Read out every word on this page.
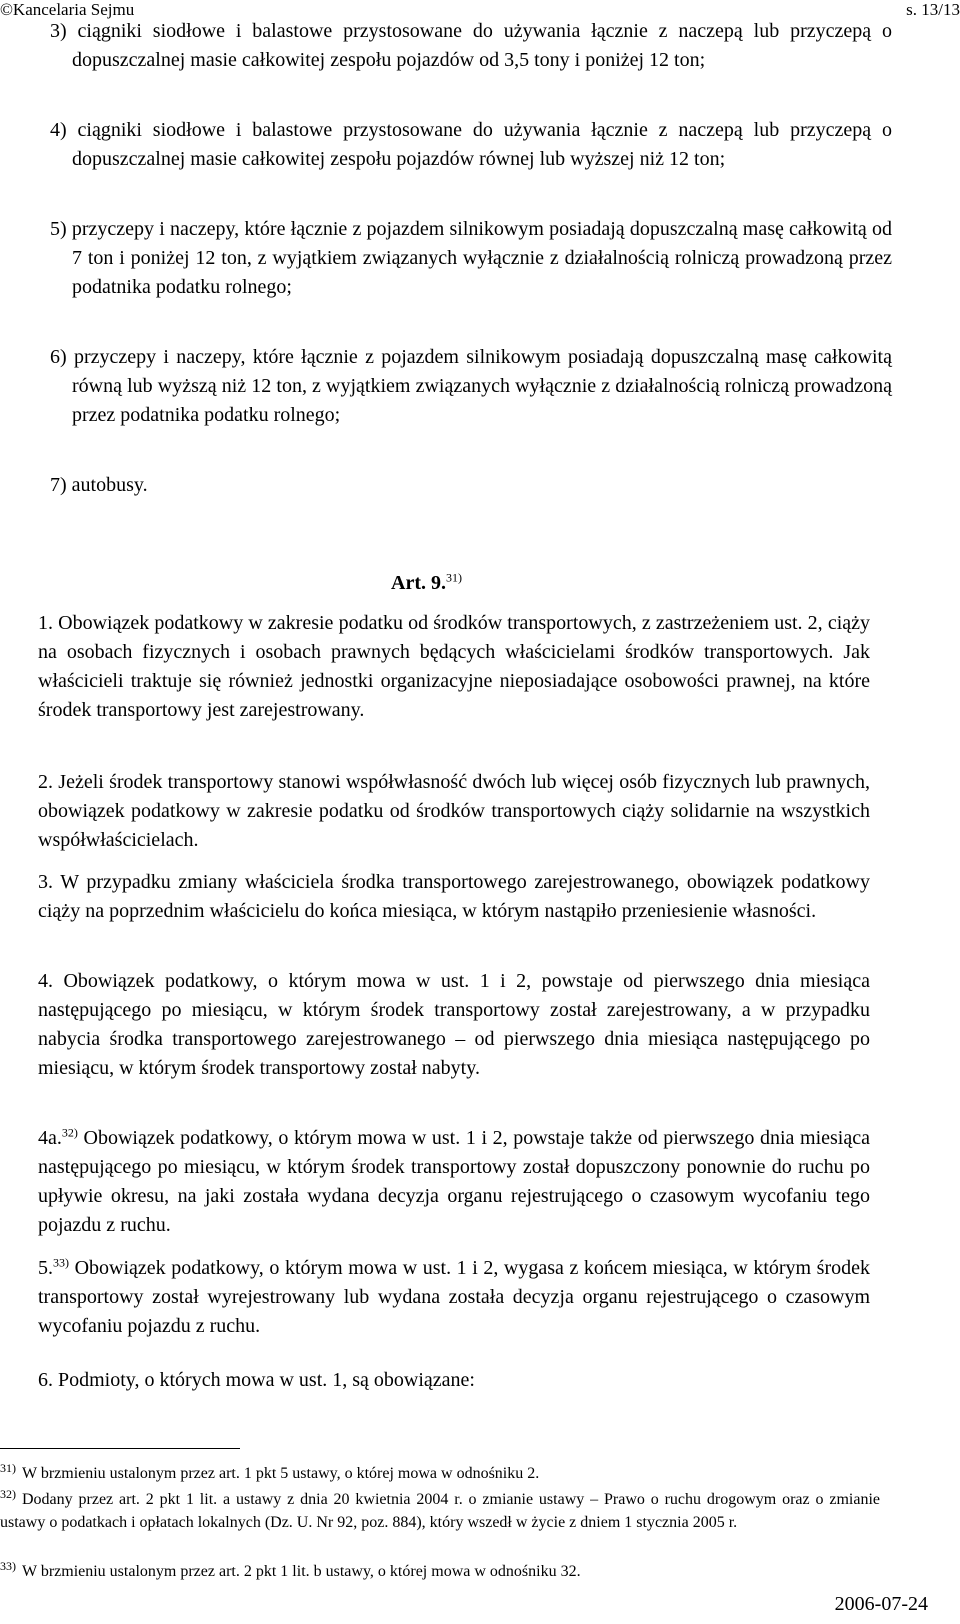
©Kancelaria Sejmu	s. 13/13
3) ciągniki siodłowe i balastowe przystosowane do używania łącznie z naczepą lub przyczepą o dopuszczalnej masie całkowitej zespołu pojazdów od 3,5 tony i poniżej 12 ton;
4) ciągniki siodłowe i balastowe przystosowane do używania łącznie z naczepą lub przyczepą o dopuszczalnej masie całkowitej zespołu pojazdów równej lub wyższej niż 12 ton;
5) przyczepy i naczepy, które łącznie z pojazdem silnikowym posiadają dopuszczalną masę całkowitą od 7 ton i poniżej 12 ton, z wyjątkiem związanych wyłącznie z działalnością rolniczą prowadzoną przez podatnika podatku rolnego;
6) przyczepy i naczepy, które łącznie z pojazdem silnikowym posiadają dopuszczalną masę całkowitą równą lub wyższą niż 12 ton, z wyjątkiem związanych wyłącznie z działalnością rolniczą prowadzoną przez podatnika podatku rolnego;
7) autobusy.
Art. 9.$^{31)}$
1. Obowiązek podatkowy w zakresie podatku od środków transportowych, z zastrzeżeniem ust. 2, ciąży na osobach fizycznych i osobach prawnych będących właścicielami środków transportowych. Jak właścicieli traktuje się również jednostki organizacyjne nieposiadające osobowości prawnej, na które środek transportowy jest zarejestrowany.
2. Jeżeli środek transportowy stanowi współwłasność dwóch lub więcej osób fizycznych lub prawnych, obowiązek podatkowy w zakresie podatku od środków transportowych ciąży solidarnie na wszystkich współwłaścicielach.
3. W przypadku zmiany właściciela środka transportowego zarejestrowanego, obowiązek podatkowy ciąży na poprzednim właścicielu do końca miesiąca, w którym nastąpiło przeniesienie własności.
4. Obowiązek podatkowy, o którym mowa w ust. 1 i 2, powstaje od pierwszego dnia miesiąca następującego po miesiącu, w którym środek transportowy został zarejestrowany, a w przypadku nabycia środka transportowego zarejestrowanego – od pierwszego dnia miesiąca następującego po miesiącu, w którym środek transportowy został nabyty.
4a.$^{32)}$ Obowiązek podatkowy, o którym mowa w ust. 1 i 2, powstaje także od pierwszego dnia miesiąca następującego po miesiącu, w którym środek transportowy został dopuszczony ponownie do ruchu po upływie okresu, na jaki została wydana decyzja organu rejestrującego o czasowym wycofaniu tego pojazdu z ruchu.
5.$^{33)}$ Obowiązek podatkowy, o którym mowa w ust. 1 i 2, wygasa z końcem miesiąca, w którym środek transportowy został wyrejestrowany lub wydana została decyzja organu rejestrującego o czasowym wycofaniu pojazdu z ruchu.
6. Podmioty, o których mowa w ust. 1, są obowiązane:
31) W brzmieniu ustalonym przez art. 1 pkt 5 ustawy, o której mowa w odnośniku 2.
32) Dodany przez art. 2 pkt 1 lit. a ustawy z dnia 20 kwietnia 2004 r. o zmianie ustawy – Prawo o ruchu drogowym oraz o zmianie ustawy o podatkach i opłatach lokalnych (Dz. U. Nr 92, poz. 884), który wszedł w życie z dniem 1 stycznia 2005 r.
33) W brzmieniu ustalonym przez art. 2 pkt 1 lit. b ustawy, o której mowa w odnośniku 32.
2006-07-24
